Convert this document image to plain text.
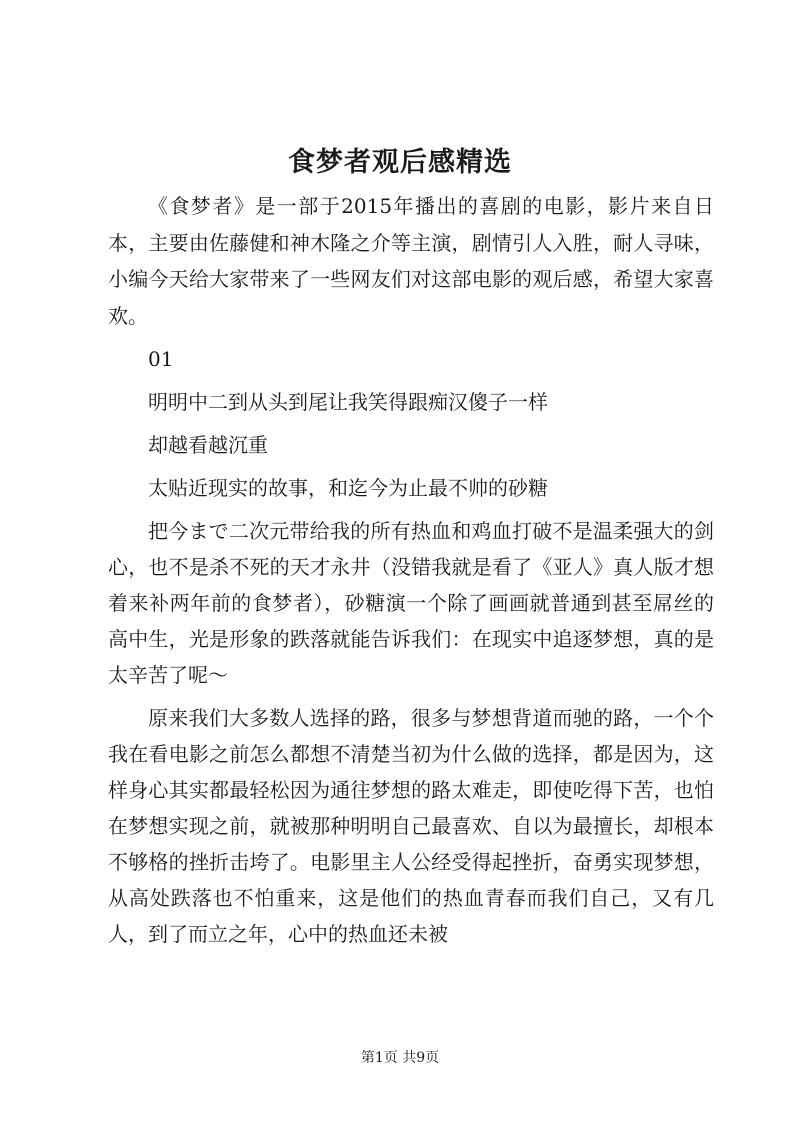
食梦者观后感精选

《食梦者》是一部于2015年播出的喜剧的电影，影片来自日本，主要由佐藤健和神木隆之介等主演，剧情引人入胜，耐人寻味，小编今天给大家带来了一些网友们对这部电影的观后感，希望大家喜欢。

01

明明中二到从头到尾让我笑得跟痴汉傻子一样

却越看越沉重

太贴近现实的故事，和迄今为止最不帅的砂糖

把今まで二次元带给我的所有热血和鸡血打破不是温柔强大的剑心，也不是杀不死的天才永井（没错我就是看了《亚人》真人版才想着来补两年前的食梦者），砂糖演一个除了画画就普通到甚至屌丝的高中生，光是形象的跌落就能告诉我们：在现实中追逐梦想，真的是太辛苦了呢～

原来我们大多数人选择的路，很多与梦想背道而驰的路，一个个我在看电影之前怎么都想不清楚当初为什么做的选择，都是因为，这样身心其实都最轻松因为通往梦想的路太难走，即使吃得下苦，也怕在梦想实现之前，就被那种明明自己最喜欢、自以为最擅长，却根本不够格的挫折击垮了。电影里主人公经受得起挫折，奋勇实现梦想，从高处跌落也不怕重来，这是他们的热血青春而我们自己，又有几人，到了而立之年，心中的热血还未被

第1页 共9页
